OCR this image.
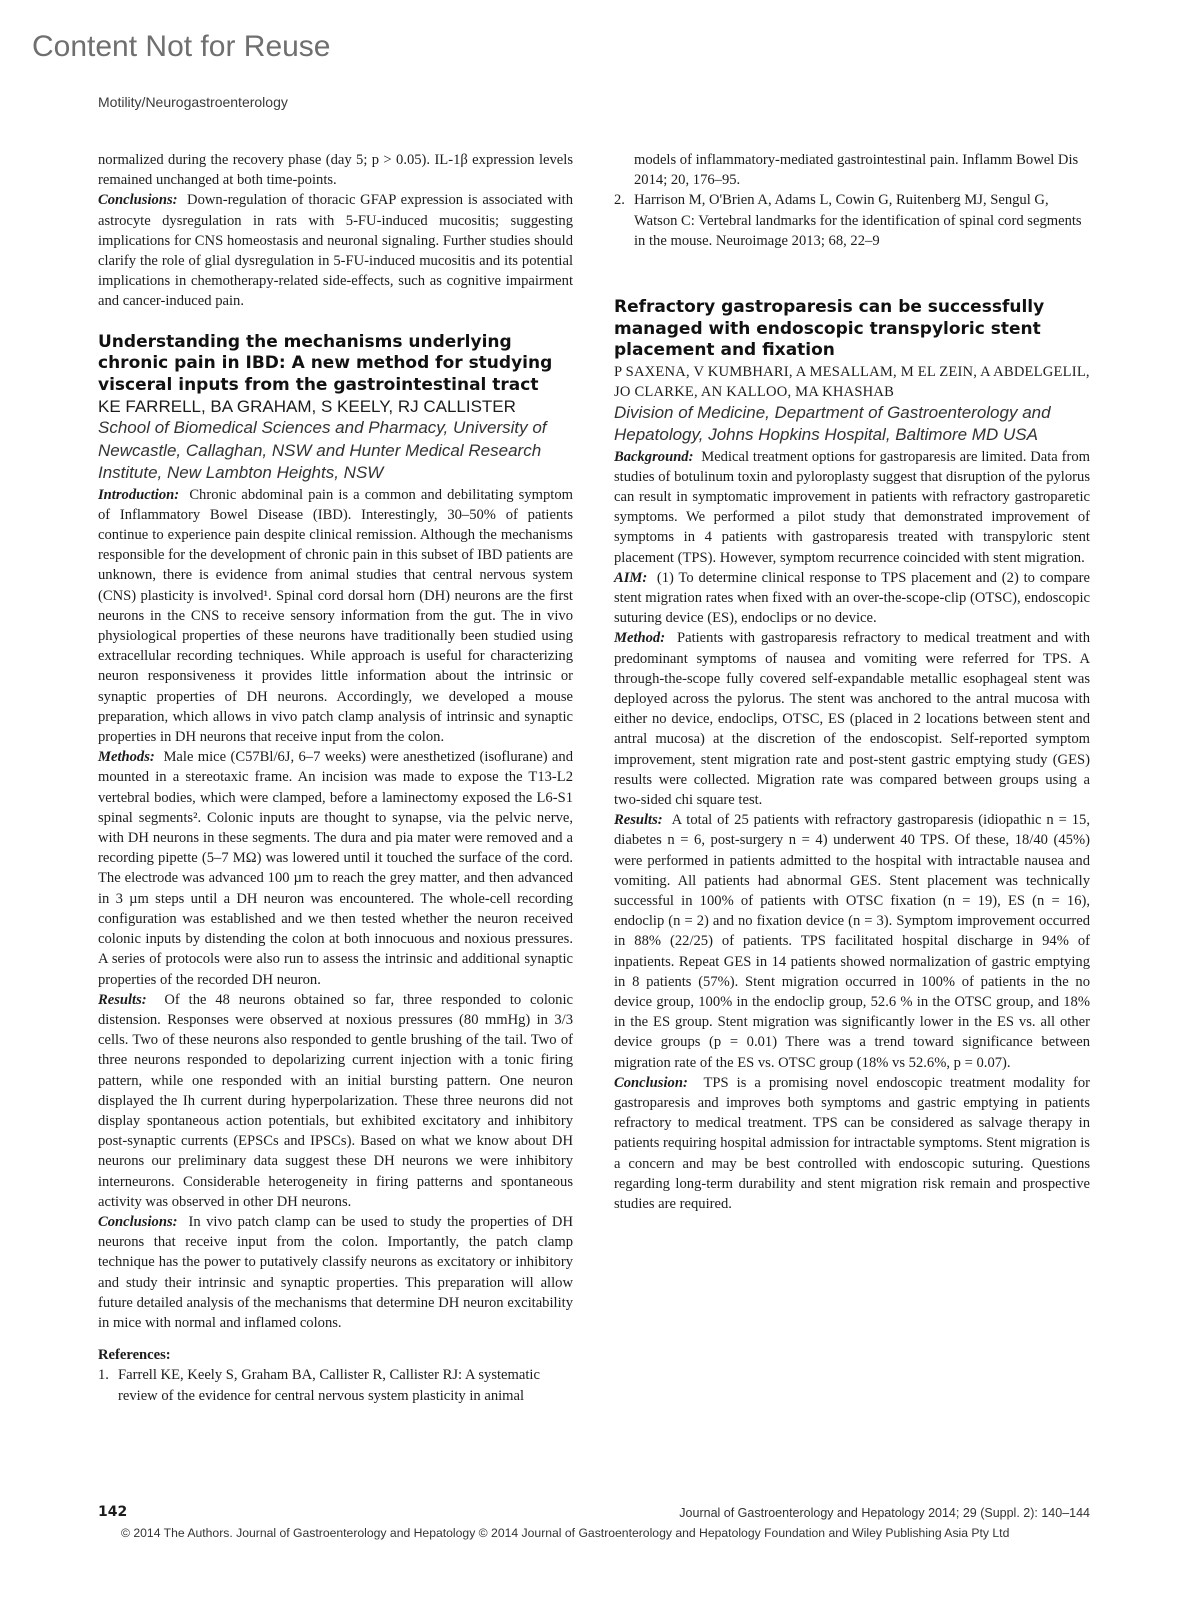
Content Not for Reuse
Motility/Neurogastroenterology

normalized during the recovery phase (day 5; p > 0.05). IL-1β expression levels remained unchanged at both time-points.

Conclusions: Down-regulation of thoracic GFAP expression is associated with astrocyte dysregulation in rats with 5-FU-induced mucositis; suggesting implications for CNS homeostasis and neuronal signaling. Further studies should clarify the role of glial dysregulation in 5-FU-induced mucositis and its potential implications in chemotherapy-related side-effects, such as cognitive impairment and cancer-induced pain.

Understanding the mechanisms underlying chronic pain in IBD: A new method for studying visceral inputs from the gastrointestinal tract

KE FARRELL, BA GRAHAM, S KEELY, RJ CALLISTER

School of Biomedical Sciences and Pharmacy, University of Newcastle, Callaghan, NSW and Hunter Medical Research Institute, New Lambton Heights, NSW

Introduction: Chronic abdominal pain is a common and debilitating symptom of Inflammatory Bowel Disease (IBD). Interestingly, 30–50% of patients continue to experience pain despite clinical remission. Although the mechanisms responsible for the development of chronic pain in this subset of IBD patients are unknown, there is evidence from animal studies that central nervous system (CNS) plasticity is involved¹. Spinal cord dorsal horn (DH) neurons are the first neurons in the CNS to receive sensory information from the gut. The in vivo physiological properties of these neurons have traditionally been studied using extracellular recording techniques. While approach is useful for characterizing neuron responsiveness it provides little information about the intrinsic or synaptic properties of DH neurons. Accordingly, we developed a mouse preparation, which allows in vivo patch clamp analysis of intrinsic and synaptic properties in DH neurons that receive input from the colon.

Methods: Male mice (C57Bl/6J, 6–7 weeks) were anesthetized (isoflurane) and mounted in a stereotaxic frame. An incision was made to expose the T13-L2 vertebral bodies, which were clamped, before a laminectomy exposed the L6-S1 spinal segments². Colonic inputs are thought to synapse, via the pelvic nerve, with DH neurons in these segments. The dura and pia mater were removed and a recording pipette (5–7 MΩ) was lowered until it touched the surface of the cord. The electrode was advanced 100 µm to reach the grey matter, and then advanced in 3 µm steps until a DH neuron was encountered. The whole-cell recording configuration was established and we then tested whether the neuron received colonic inputs by distending the colon at both innocuous and noxious pressures. A series of protocols were also run to assess the intrinsic and additional synaptic properties of the recorded DH neuron.

Results: Of the 48 neurons obtained so far, three responded to colonic distension. Responses were observed at noxious pressures (80 mmHg) in 3/3 cells. Two of these neurons also responded to gentle brushing of the tail. Two of three neurons responded to depolarizing current injection with a tonic firing pattern, while one responded with an initial bursting pattern. One neuron displayed the Ih current during hyperpolarization. These three neurons did not display spontaneous action potentials, but exhibited excitatory and inhibitory post-synaptic currents (EPSCs and IPSCs). Based on what we know about DH neurons our preliminary data suggest these DH neurons we were inhibitory interneurons. Considerable heterogeneity in firing patterns and spontaneous activity was observed in other DH neurons.

Conclusions: In vivo patch clamp can be used to study the properties of DH neurons that receive input from the colon. Importantly, the patch clamp technique has the power to putatively classify neurons as excitatory or inhibitory and study their intrinsic and synaptic properties. This preparation will allow future detailed analysis of the mechanisms that determine DH neuron excitability in mice with normal and inflamed colons.

References:

1. Farrell KE, Keely S, Graham BA, Callister R, Callister RJ: A systematic review of the evidence for central nervous system plasticity in animal
models of inflammatory-mediated gastrointestinal pain. Inflamm Bowel Dis 2014; 20, 176–95.
2. Harrison M, O'Brien A, Adams L, Cowin G, Ruitenberg MJ, Sengul G, Watson C: Vertebral landmarks for the identification of spinal cord segments in the mouse. Neuroimage 2013; 68, 22–9

Refractory gastroparesis can be successfully managed with endoscopic transpyloric stent placement and fixation

P SAXENA, V KUMBHARI, A MESALLAM, M EL ZEIN, A ABDELGELIL, JO CLARKE, AN KALLOO, MA KHASHAB

Division of Medicine, Department of Gastroenterology and Hepatology, Johns Hopkins Hospital, Baltimore MD USA

Background: Medical treatment options for gastroparesis are limited. Data from studies of botulinum toxin and pyloroplasty suggest that disruption of the pylorus can result in symptomatic improvement in patients with refractory gastroparetic symptoms. We performed a pilot study that demonstrated improvement of symptoms in 4 patients with gastroparesis treated with transpyloric stent placement (TPS). However, symptom recurrence coincided with stent migration.

AIM: (1) To determine clinical response to TPS placement and (2) to compare stent migration rates when fixed with an over-the-scope-clip (OTSC), endoscopic suturing device (ES), endoclips or no device.

Method: Patients with gastroparesis refractory to medical treatment and with predominant symptoms of nausea and vomiting were referred for TPS. A through-the-scope fully covered self-expandable metallic esophageal stent was deployed across the pylorus. The stent was anchored to the antral mucosa with either no device, endoclips, OTSC, ES (placed in 2 locations between stent and antral mucosa) at the discretion of the endoscopist. Self-reported symptom improvement, stent migration rate and post-stent gastric emptying study (GES) results were collected. Migration rate was compared between groups using a two-sided chi square test.

Results: A total of 25 patients with refractory gastroparesis (idiopathic n = 15, diabetes n = 6, post-surgery n = 4) underwent 40 TPS. Of these, 18/40 (45%) were performed in patients admitted to the hospital with intractable nausea and vomiting. All patients had abnormal GES. Stent placement was technically successful in 100% of patients with OTSC fixation (n = 19), ES (n = 16), endoclip (n = 2) and no fixation device (n = 3). Symptom improvement occurred in 88% (22/25) of patients. TPS facilitated hospital discharge in 94% of inpatients. Repeat GES in 14 patients showed normalization of gastric emptying in 8 patients (57%). Stent migration occurred in 100% of patients in the no device group, 100% in the endoclip group, 52.6 % in the OTSC group, and 18% in the ES group. Stent migration was significantly lower in the ES vs. all other device groups (p = 0.01) There was a trend toward significance between migration rate of the ES vs. OTSC group (18% vs 52.6%, p = 0.07).

Conclusion: TPS is a promising novel endoscopic treatment modality for gastroparesis and improves both symptoms and gastric emptying in patients refractory to medical treatment. TPS can be considered as salvage therapy in patients requiring hospital admission for intractable symptoms. Stent migration is a concern and may be best controlled with endoscopic suturing. Questions regarding long-term durability and stent migration risk remain and prospective studies are required.

142	Journal of Gastroenterology and Hepatology 2014; 29 (Suppl. 2): 140–144
© 2014 The Authors. Journal of Gastroenterology and Hepatology © 2014 Journal of Gastroenterology and Hepatology Foundation and Wiley Publishing Asia Pty Ltd
